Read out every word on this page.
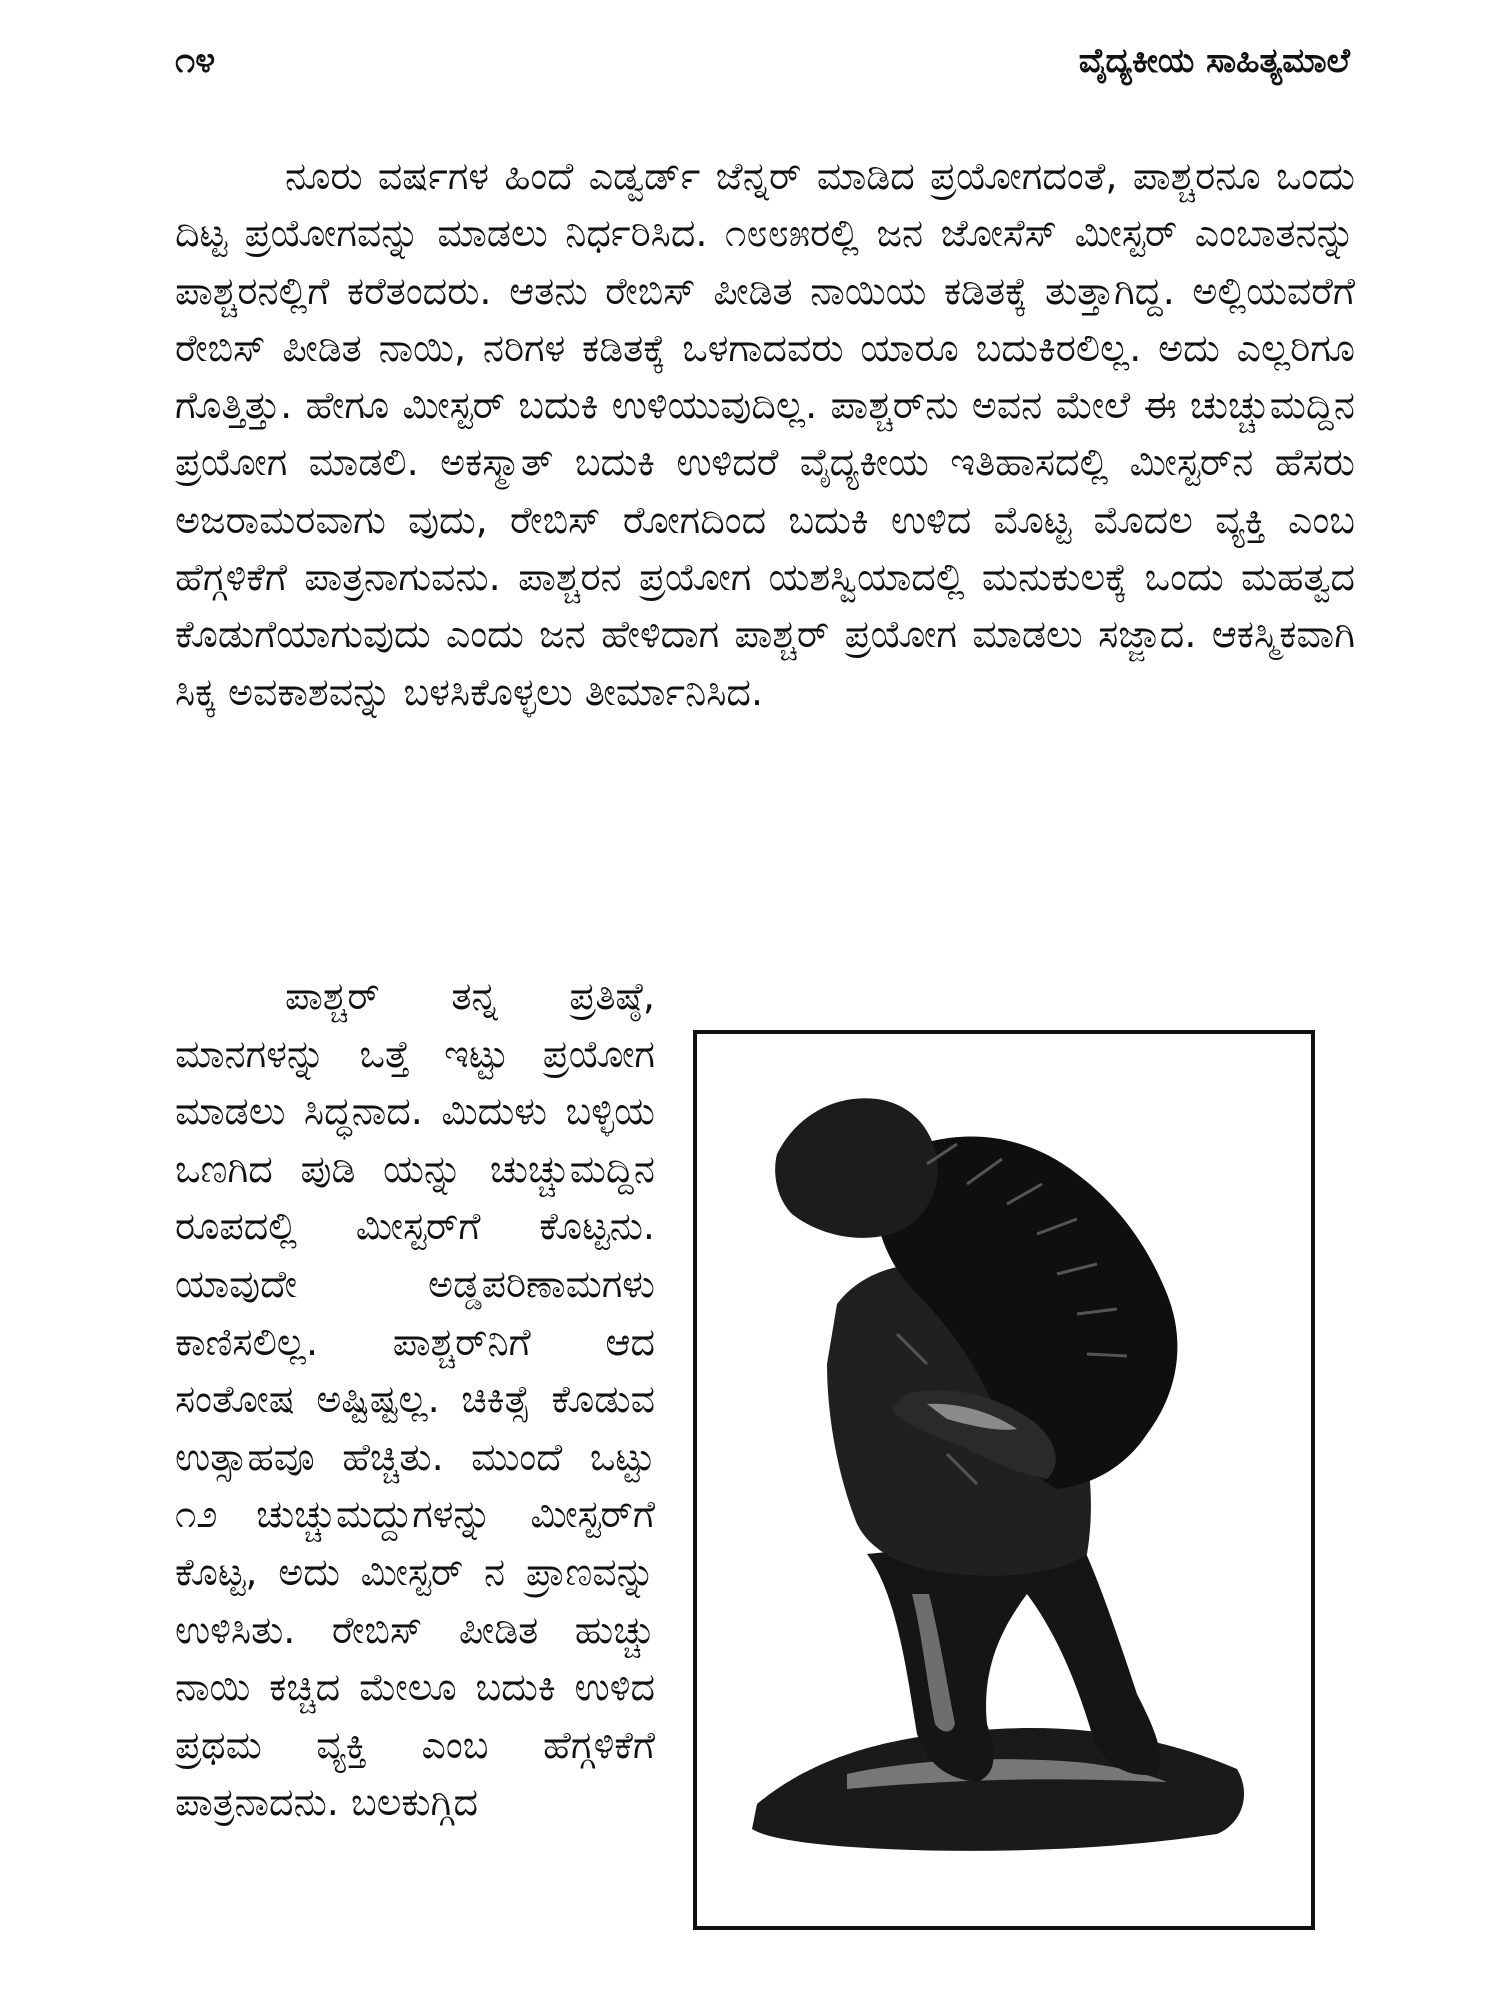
೧೪	ವೈದ್ಯಕೀಯ ಸಾಹಿತ್ಯಮಾಲೆ

ನೂರು ವರ್ಷಗಳ ಹಿಂದೆ ಎಡ್ವರ್ಡ್ ಜೆನ್ನರ್ ಮಾಡಿದ ಪ್ರಯೋಗದಂತೆ, ಪಾಶ್ಚರನೂ ಒಂದು ದಿಟ್ಟ ಪ್ರಯೋಗವನ್ನು ಮಾಡಲು ನಿರ್ಧರಿಸಿದ. ೧೮೮೫ರಲ್ಲಿ ಜನ ಜೋಸೆಸ್ ಮೀಸ್ಟರ್ ಎಂಬಾತನನ್ನು ಪಾಶ್ಚರನಲ್ಲಿಗೆ ಕರೆತಂದರು. ಆತನು ರೇಬಿಸ್ ಪೀಡಿತ ನಾಯಿಯ ಕಡಿತಕ್ಕೆ ತುತ್ತಾಗಿದ್ದ. ಅಲ್ಲಿಯವರೆಗೆ ರೇಬಿಸ್ ಪೀಡಿತ ನಾಯಿ, ನರಿಗಳ ಕಡಿತಕ್ಕೆ ಒಳಗಾದವರು ಯಾರೂ ಬದುಕಿರಲಿಲ್ಲ. ಅದು ಎಲ್ಲರಿಗೂ ಗೊತ್ತಿತ್ತು. ಹೇಗೂ ಮೀಸ್ಟರ್ ಬದುಕಿ ಉಳಿಯುವುದಿಲ್ಲ. ಪಾಶ್ಚರ್‌ನು ಅವನ ಮೇಲೆ ಈ ಚುಚ್ಚುಮದ್ದಿನ ಪ್ರಯೋಗ ಮಾಡಲಿ. ಅಕಸ್ಮಾತ್ ಬದುಕಿ ಉಳಿದರೆ ವೈದ್ಯಕೀಯ ಇತಿಹಾಸದಲ್ಲಿ ಮೀಸ್ಟರ್‌ನ ಹೆಸರು ಅಜರಾಮರವಾಗು ವುದು, ರೇಬಿಸ್ ರೋಗದಿಂದ ಬದುಕಿ ಉಳಿದ ಮೊಟ್ಟ ಮೊದಲ ವ್ಯಕ್ತಿ ಎಂಬ ಹೆಗ್ಗಳಿಕೆಗೆ ಪಾತ್ರನಾಗುವನು. ಪಾಶ್ಚರನ ಪ್ರಯೋಗ ಯಶಸ್ವಿಯಾದಲ್ಲಿ ಮನುಕುಲಕ್ಕೆ ಒಂದು ಮಹತ್ವದ ಕೊಡುಗೆಯಾಗುವುದು ಎಂದು ಜನ ಹೇಳಿದಾಗ ಪಾಶ್ಚರ್ ಪ್ರಯೋಗ ಮಾಡಲು ಸಜ್ಜಾದ. ಆಕಸ್ಮಿಕವಾಗಿ ಸಿಕ್ಕ ಅವಕಾಶವನ್ನು ಬಳಸಿಕೊಳ್ಳಲು ತೀರ್ಮಾನಿಸಿದ.

ಪಾಶ್ಚರ್ ತನ್ನ ಪ್ರತಿಷ್ಠೆ, ಮಾನಗಳನ್ನು ಒತ್ತೆ ಇಟ್ಟು ಪ್ರಯೋಗ ಮಾಡಲು ಸಿದ್ಧನಾದ. ಮಿದುಳು ಬಳ್ಳಿಯ ಒಣಗಿದ ಪುಡಿ ಯನ್ನು ಚುಚ್ಚುಮದ್ದಿನ ರೂಪದಲ್ಲಿ ಮೀಸ್ಟರ್‌ಗೆ ಕೊಟ್ಟನು. ಯಾವುದೇ ಅಡ್ಡಪರಿಣಾಮಗಳು ಕಾಣಿಸಲಿಲ್ಲ. ಪಾಶ್ಚರ್‌ನಿಗೆ ಆದ ಸಂತೋಷ ಅಷ್ಟಿಷ್ಟಲ್ಲ. ಚಿಕಿತ್ಸೆ ಕೊಡುವ ಉತ್ಸಾಹವೂ ಹೆಚ್ಚಿತು. ಮುಂದೆ ಒಟ್ಟು ೧೨ ಚುಚ್ಚುಮದ್ದುಗಳನ್ನು ಮೀಸ್ಟರ್‌ಗೆ ಕೊಟ್ಟ, ಅದು ಮೀಸ್ಟರ್ ನ ಪ್ರಾಣವನ್ನು ಉಳಿಸಿತು. ರೇಬಿಸ್ ಪೀಡಿತ ಹುಚ್ಚು ನಾಯಿ ಕಚ್ಚಿದ ಮೇಲೂ ಬದುಕಿ ಉಳಿದ ಪ್ರಥಮ ವ್ಯಕ್ತಿ ಎಂಬ ಹೆಗ್ಗಳಿಕೆಗೆ ಪಾತ್ರನಾದನು. ಬಲಕುಗ್ಗಿದ
